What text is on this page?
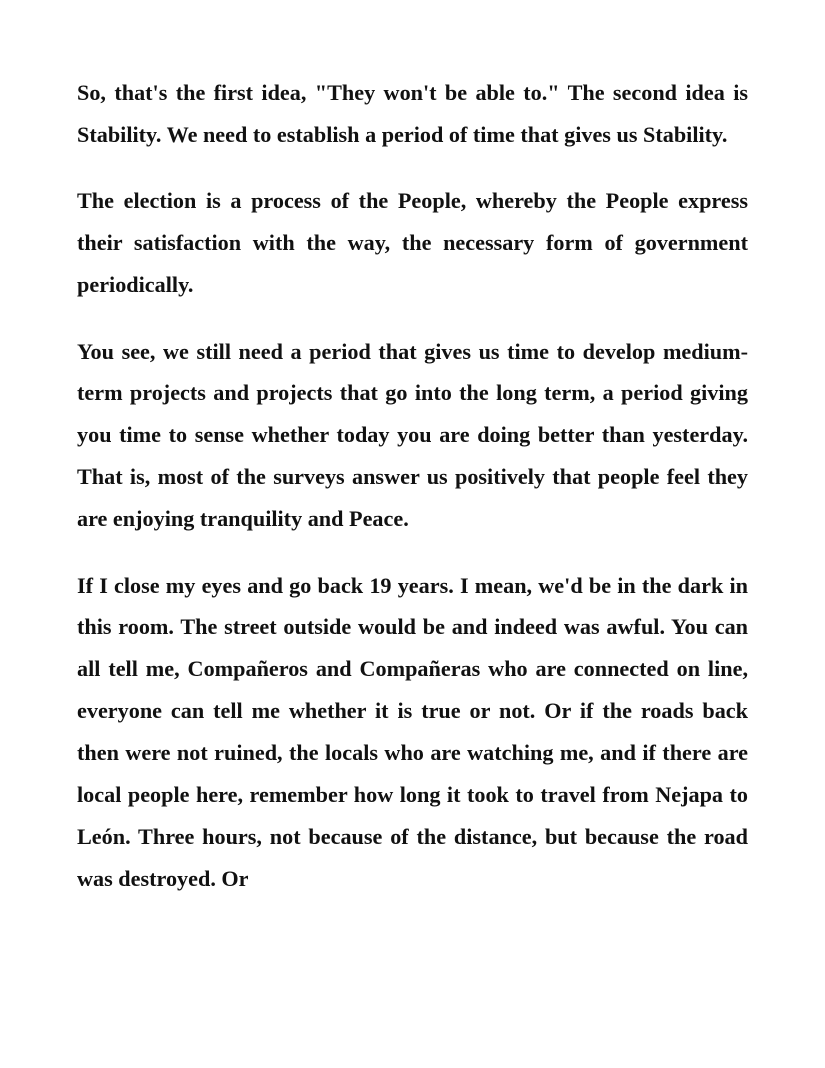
So, that's the first idea, "They won't be able to." The second idea is Stability. We need to establish a period of time that gives us Stability.

The election is a process of the People, whereby the People express their satisfaction with the way, the necessary form of government periodically.

You see, we still need a period that gives us time to develop medium-term projects and projects that go into the long term, a period giving you time to sense whether today you are doing better than yesterday. That is, most of the surveys answer us positively that people feel they are enjoying tranquility and Peace.

If I close my eyes and go back 19 years. I mean, we'd be in the dark in this room. The street outside would be and indeed was awful. You can all tell me, Compañeros and Compañeras who are connected on line, everyone can tell me whether it is true or not. Or if the roads back then were not ruined, the locals who are watching me, and if there are local people here, remember how long it took to travel from Nejapa to León. Three hours, not because of the distance, but because the road was destroyed. Or
